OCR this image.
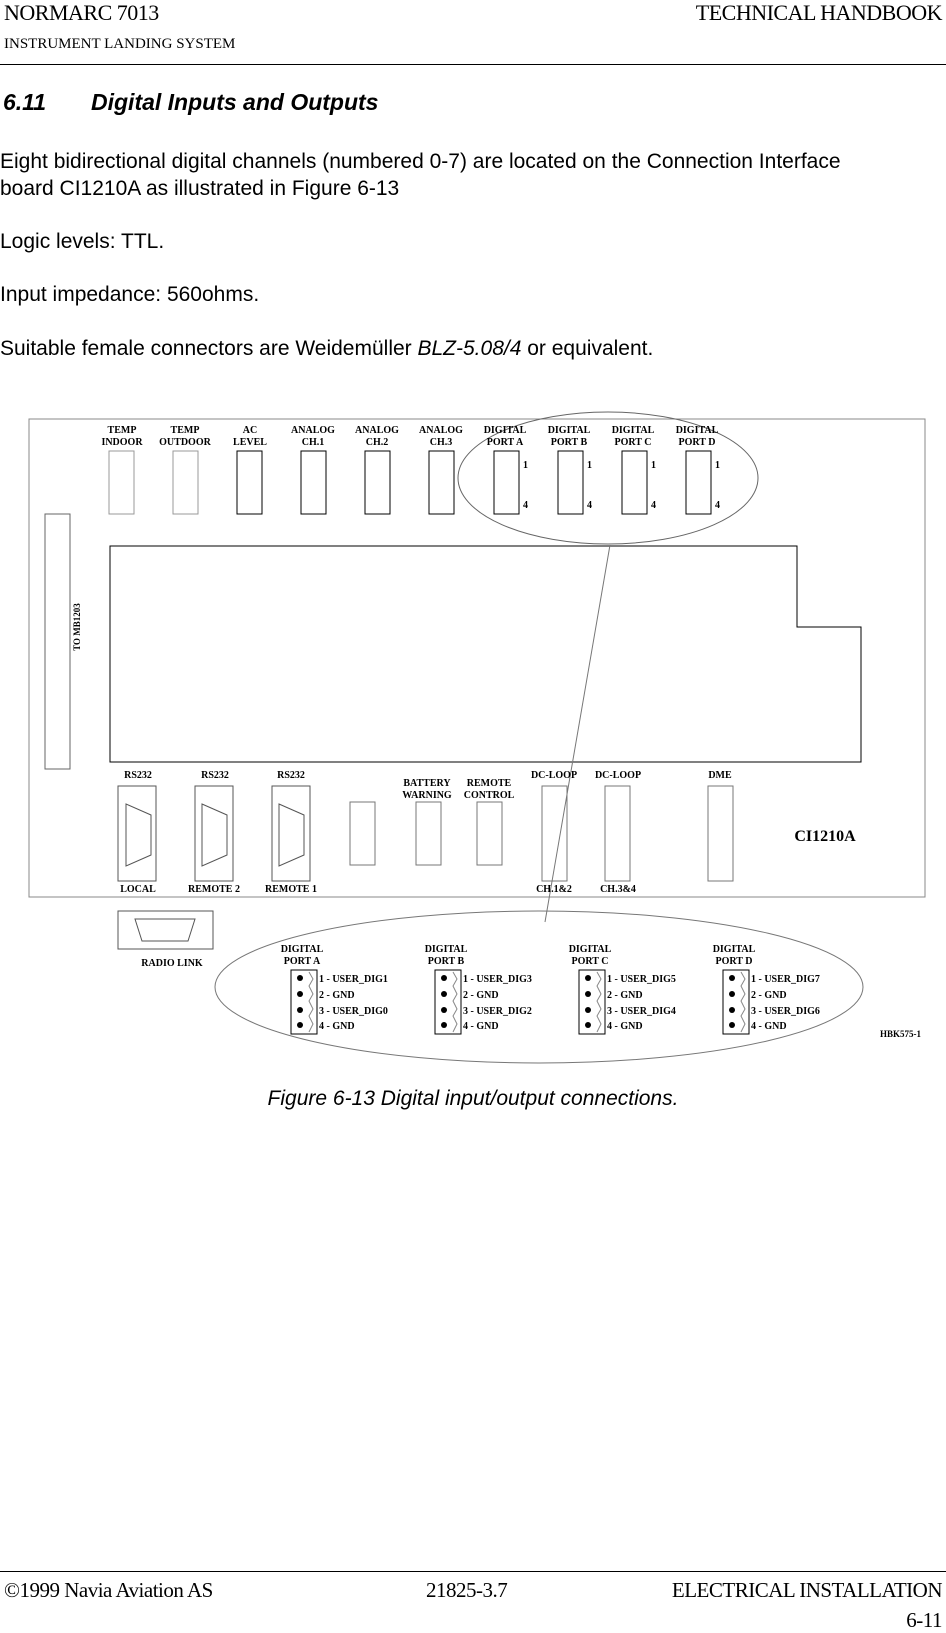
NORMARC 7013	TECHNICAL HANDBOOK
INSTRUMENT LANDING SYSTEM
6.11 Digital Inputs and Outputs
Eight bidirectional digital channels (numbered 0-7) are located on the Connection Interface
board CI1210A as illustrated in Figure 6-13
Logic levels: TTL.
Input impedance: 560ohms.
Suitable female connectors are Weidemüller BLZ-5.08/4 or equivalent.
TEMP
INDOOR
TEMP
OUTDOOR
AC
LEVEL
ANALOG
CH.1
ANALOG
CH.2
ANALOG
CH.3
DIGITAL
PORT A
DIGITAL
PORT B
DIGITAL
PORT C
DIGITAL
PORT D
1
4
1
4
1
4
1
4
TO MB1203
RS232	RS232	RS232
BATTERY
WARNING
REMOTE
CONTROL
DC-LOOP DC-LOOP	DME
LOCAL	REMOTE 2	REMOTE 1	CH.1&2	CH.3&4
CI1210A
RADIO LINK
DIGITAL
PORT A
DIGITAL
PORT B
DIGITAL
PORT C
DIGITAL
PORT D
1 - USER_DIG1
2 - GND
3 - USER_DIG0
4 - GND
1 - USER_DIG3
2 - GND
3 - USER_DIG2
4 - GND
1 - USER_DIG5
2 - GND
3 - USER_DIG4
4 - GND
1 - USER_DIG7
2 - GND
3 - USER_DIG6
4 - GND
HBK575-1
Figure 6-13 Digital input/output connections.
©1999 Navia Aviation AS	21825-3.7	ELECTRICAL INSTALLATION
6-11
